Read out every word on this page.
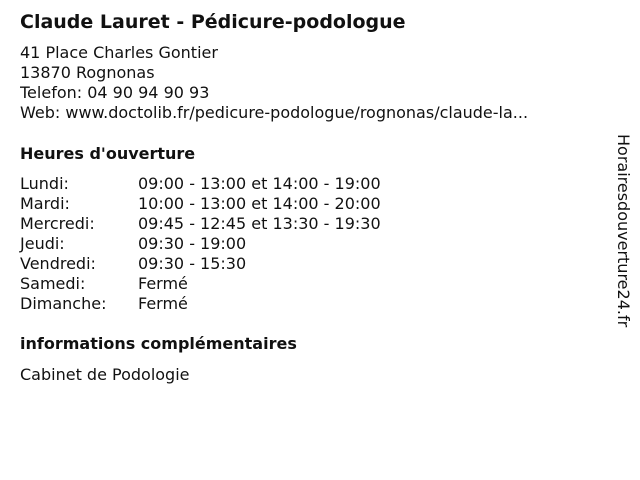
Claude Lauret - Pédicure-podologue
41 Place Charles Gontier
13870 Rognonas
Telefon: 04 90 94 90 93
Web: www.doctolib.fr/pedicure-podologue/rognonas/claude-la...
Heures d'ouverture
Lundi:	09:00 - 13:00 et 14:00 - 19:00
Mardi:	10:00 - 13:00 et 14:00 - 20:00
Mercredi:	09:45 - 12:45 et 13:30 - 19:30
Jeudi:	09:30 - 19:00
Vendredi:	09:30 - 15:30
Samedi:	Fermé
Dimanche:	Fermé
informations complémentaires
Cabinet de Podologie
Horairesdouverture24.fr
